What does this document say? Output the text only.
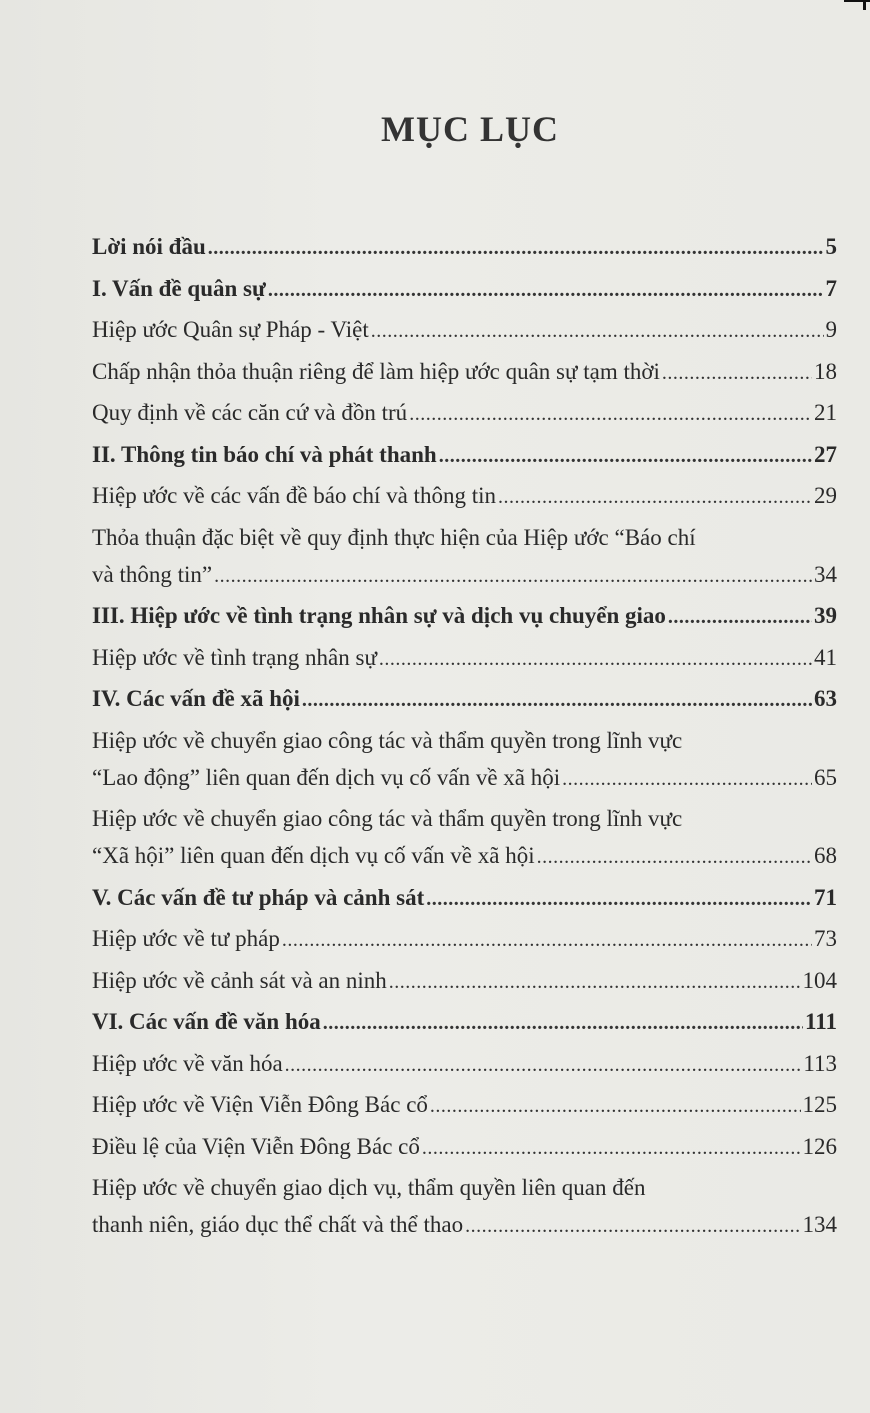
MỤC LỤC
Lời nói đầu .....	5
I. Vấn đề quân sự .....	7
Hiệp ước Quân sự Pháp - Việt .....	9
Chấp nhận thỏa thuận riêng để làm hiệp ước quân sự tạm thời .....	18
Quy định về các căn cứ và đồn trú .....	21
II. Thông tin báo chí và phát thanh .....	27
Hiệp ước về các vấn đề báo chí và thông tin .....	29
Thỏa thuận đặc biệt về quy định thực hiện của Hiệp ước “Báo chí
và thông tin” .....	34
III. Hiệp ước về tình trạng nhân sự và dịch vụ chuyển giao .....	39
Hiệp ước về tình trạng nhân sự .....	41
IV. Các vấn đề xã hội .....	63
Hiệp ước về chuyển giao công tác và thẩm quyền trong lĩnh vực
“Lao động” liên quan đến dịch vụ cố vấn về xã hội .....	65
Hiệp ước về chuyển giao công tác và thẩm quyền trong lĩnh vực
“Xã hội” liên quan đến dịch vụ cố vấn về xã hội .....	68
V. Các vấn đề tư pháp và cảnh sát .....	71
Hiệp ước về tư pháp .....	73
Hiệp ước về cảnh sát và an ninh .....	104
VI. Các vấn đề văn hóa .....	111
Hiệp ước về văn hóa .....	113
Hiệp ước về Viện Viễn Đông Bác cổ .....	125
Điều lệ của Viện Viễn Đông Bác cổ .....	126
Hiệp ước về chuyển giao dịch vụ, thẩm quyền liên quan đến
thanh niên, giáo dục thể chất và thể thao .....	134
